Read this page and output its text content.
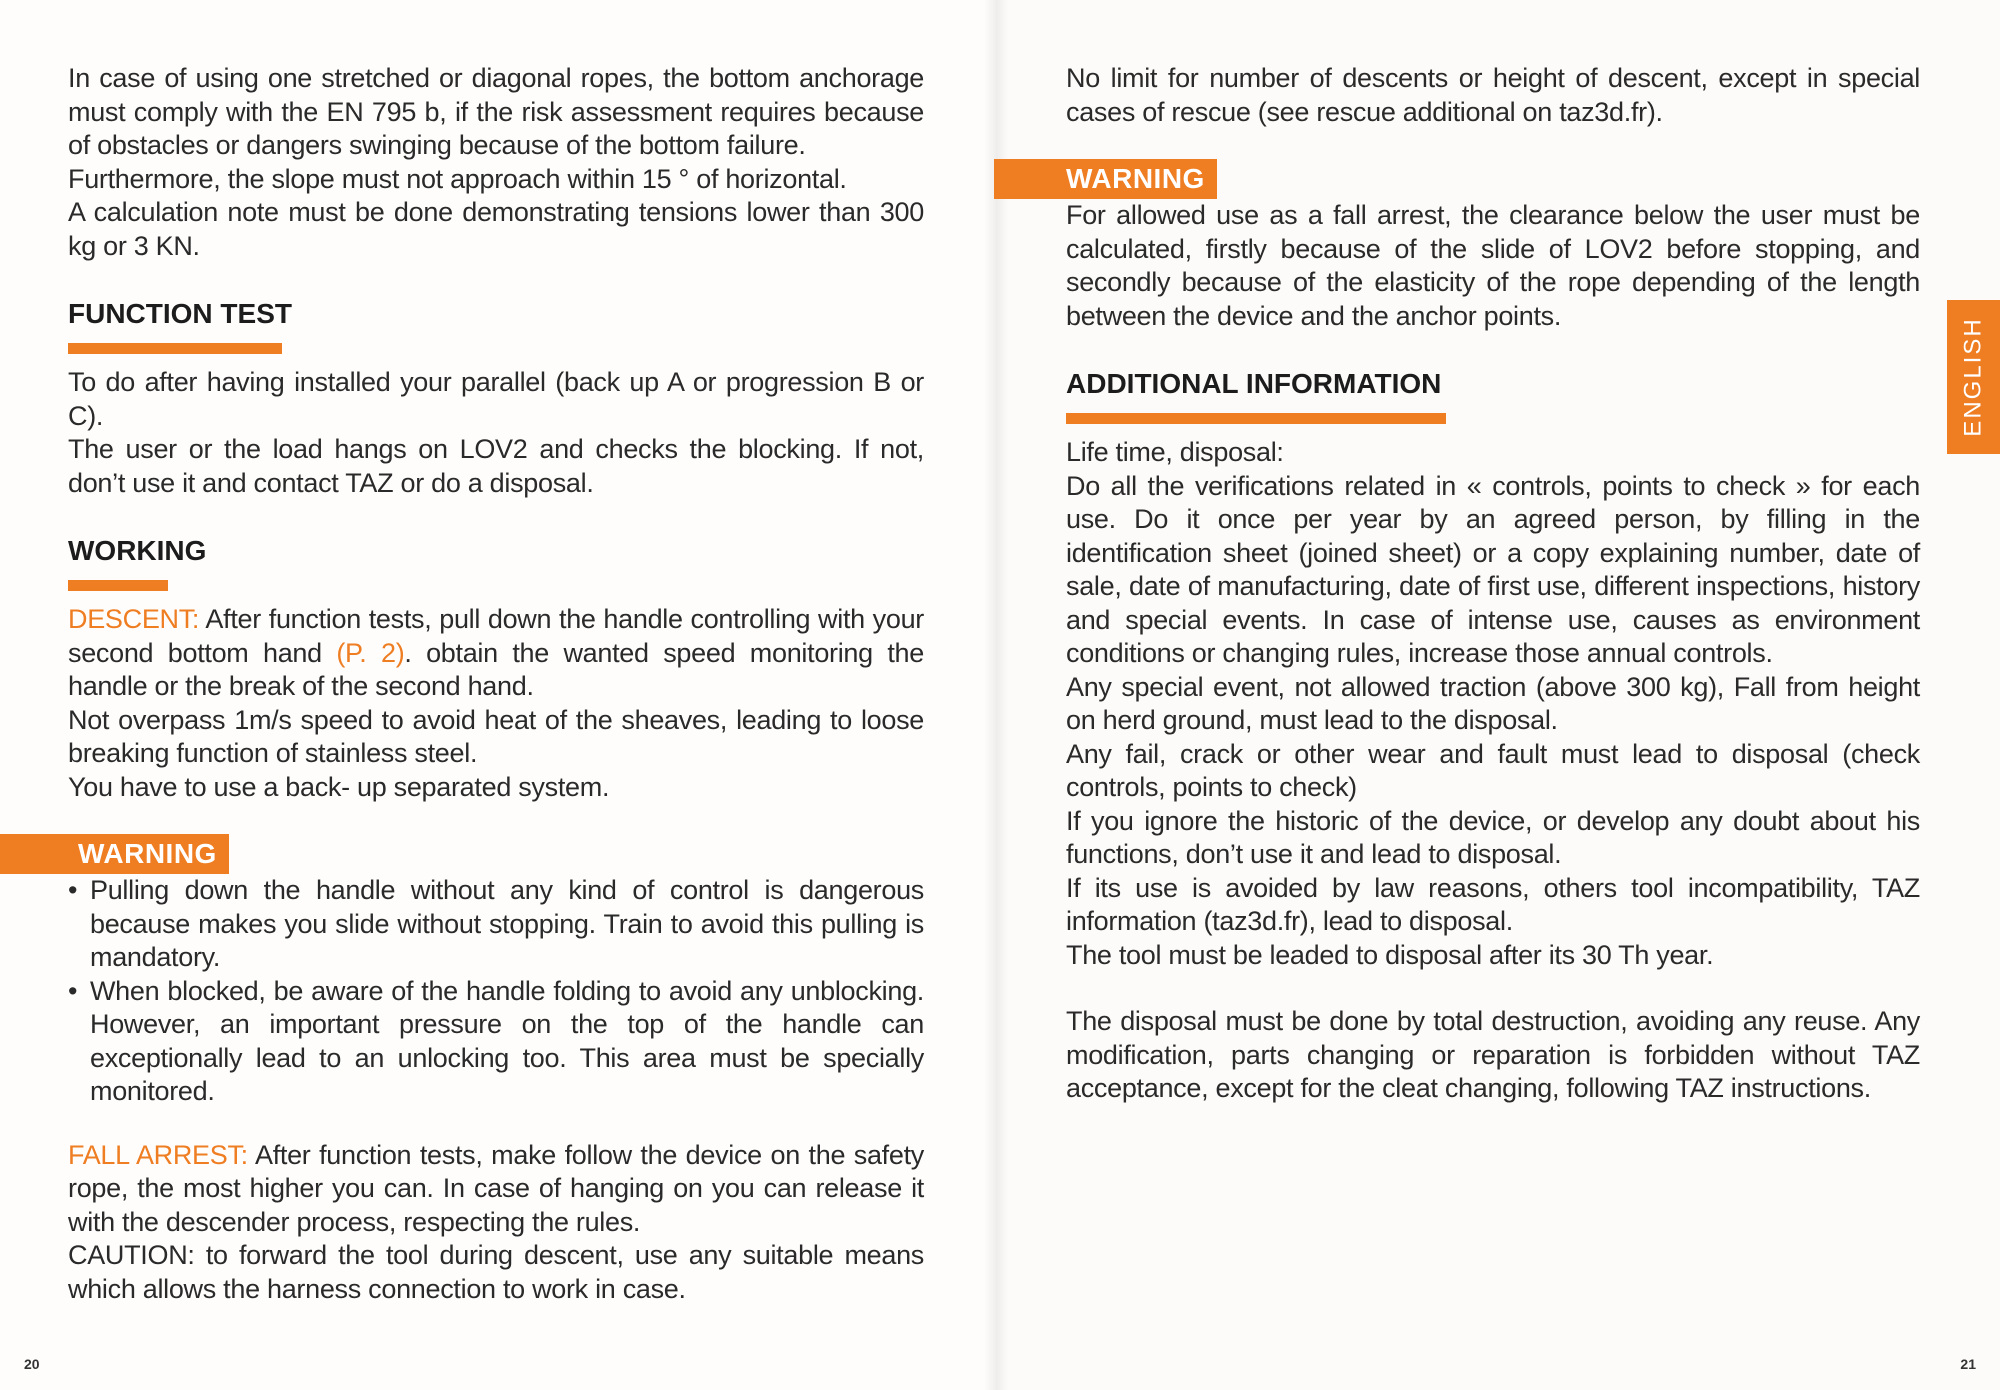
In case of using one stretched or diagonal ropes, the bottom anchorage must comply with the EN 795 b, if the risk assessment requires because of obstacles or dangers swinging because of the bottom failure.

Furthermore, the slope must not approach within 15 ° of horizontal.

A calculation note must be done demonstrating tensions lower than 300 kg or 3 KN.

FUNCTION TEST

To do after having installed your parallel (back up A or progression B or C).

The user or the load hangs on LOV2 and checks the blocking. If not, don’t use it and contact TAZ or do a disposal.

WORKING

DESCENT: After function tests, pull down the handle controlling with your second bottom hand (P. 2). obtain the wanted speed monitoring the handle or the break of the second hand.

Not overpass 1m/s speed to avoid heat of the sheaves, leading to loose breaking function of stainless steel.

You have to use a back- up separated system.

WARNING
• Pulling down the handle without any kind of control is dangerous because makes you slide without stopping. Train to avoid this pulling is mandatory.
• When blocked, be aware of the handle folding to avoid any unblocking. However, an important pressure on the top of the handle can exceptionally lead to an unlocking too. This area must be specially monitored.

FALL ARREST: After function tests, make follow the device on the safety rope, the most higher you can. In case of hanging on you can release it with the descender process, respecting the rules.

CAUTION: to forward the tool during descent, use any suitable means which allows the harness connection to work in case.

20

No limit for number of descents or height of descent, except in special cases of rescue (see rescue additional on taz3d.fr).

WARNING

For allowed use as a fall arrest, the clearance below the user must be calculated, firstly because of the slide of LOV2 before stopping, and secondly because of the elasticity of the rope depending of the length between the device and the anchor points.

ADDITIONAL INFORMATION

Life time, disposal:

Do all the verifications related in « controls, points to check » for each use. Do it once per year by an agreed person, by filling in the identification sheet (joined sheet) or a copy explaining number, date of sale, date of manufacturing, date of first use, different inspections, history and special events. In case of intense use, causes as environment conditions or changing rules, increase those annual controls.

Any special event, not allowed traction (above 300 kg), Fall from height on herd ground, must lead to the disposal.

Any fail, crack or other wear and fault must lead to disposal (check controls, points to check)

If you ignore the historic of the device, or develop any doubt about his functions, don’t use it and lead to disposal.

If its use is avoided by law reasons, others tool incompatibility, TAZ information (taz3d.fr), lead to disposal.

The tool must be leaded to disposal after its 30 Th year.

The disposal must be done by total destruction, avoiding any reuse. Any modification, parts changing or reparation is forbidden without TAZ acceptance, except for the cleat changing, following TAZ instructions.

ENGLISH
21
